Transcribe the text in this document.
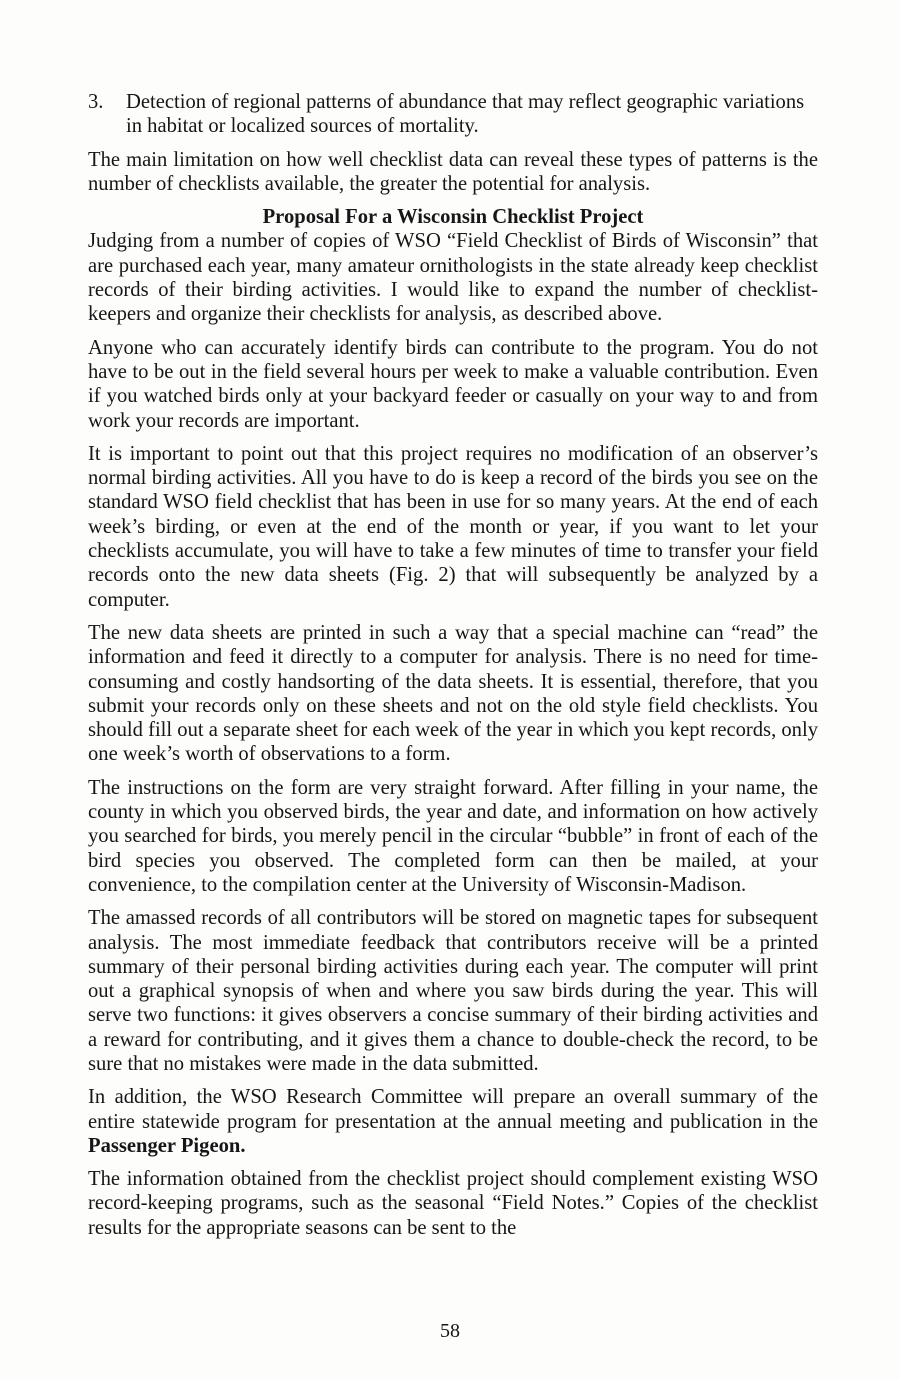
3.	Detection of regional patterns of abundance that may reflect geographic variations in habitat or localized sources of mortality.

The main limitation on how well checklist data can reveal these types of patterns is the number of checklists available, the greater the potential for analysis.

Proposal For a Wisconsin Checklist Project

Judging from a number of copies of WSO “Field Checklist of Birds of Wisconsin” that are purchased each year, many amateur ornithologists in the state already keep checklist records of their birding activities. I would like to expand the number of checklist-keepers and organize their checklists for analysis, as described above.

Anyone who can accurately identify birds can contribute to the program. You do not have to be out in the field several hours per week to make a valuable contribution. Even if you watched birds only at your backyard feeder or casually on your way to and from work your records are important.

It is important to point out that this project requires no modification of an observer’s normal birding activities. All you have to do is keep a record of the birds you see on the standard WSO field checklist that has been in use for so many years. At the end of each week’s birding, or even at the end of the month or year, if you want to let your checklists accumulate, you will have to take a few minutes of time to transfer your field records onto the new data sheets (Fig. 2) that will subsequently be analyzed by a computer.

The new data sheets are printed in such a way that a special machine can “read” the information and feed it directly to a computer for analysis. There is no need for time-consuming and costly handsorting of the data sheets. It is essential, therefore, that you submit your records only on these sheets and not on the old style field checklists. You should fill out a separate sheet for each week of the year in which you kept records, only one week’s worth of observations to a form.

The instructions on the form are very straight forward. After filling in your name, the county in which you observed birds, the year and date, and information on how actively you searched for birds, you merely pencil in the circular “bubble” in front of each of the bird species you observed. The completed form can then be mailed, at your convenience, to the compilation center at the University of Wisconsin-Madison.

The amassed records of all contributors will be stored on magnetic tapes for subsequent analysis. The most immediate feedback that contributors receive will be a printed summary of their personal birding activities during each year. The computer will print out a graphical synopsis of when and where you saw birds during the year. This will serve two functions: it gives observers a concise summary of their birding activities and a reward for contributing, and it gives them a chance to double-check the record, to be sure that no mistakes were made in the data submitted.

In addition, the WSO Research Committee will prepare an overall summary of the entire statewide program for presentation at the annual meeting and publication in the Passenger Pigeon.

The information obtained from the checklist project should complement existing WSO record-keeping programs, such as the seasonal “Field Notes.” Copies of the checklist results for the appropriate seasons can be sent to the

58
